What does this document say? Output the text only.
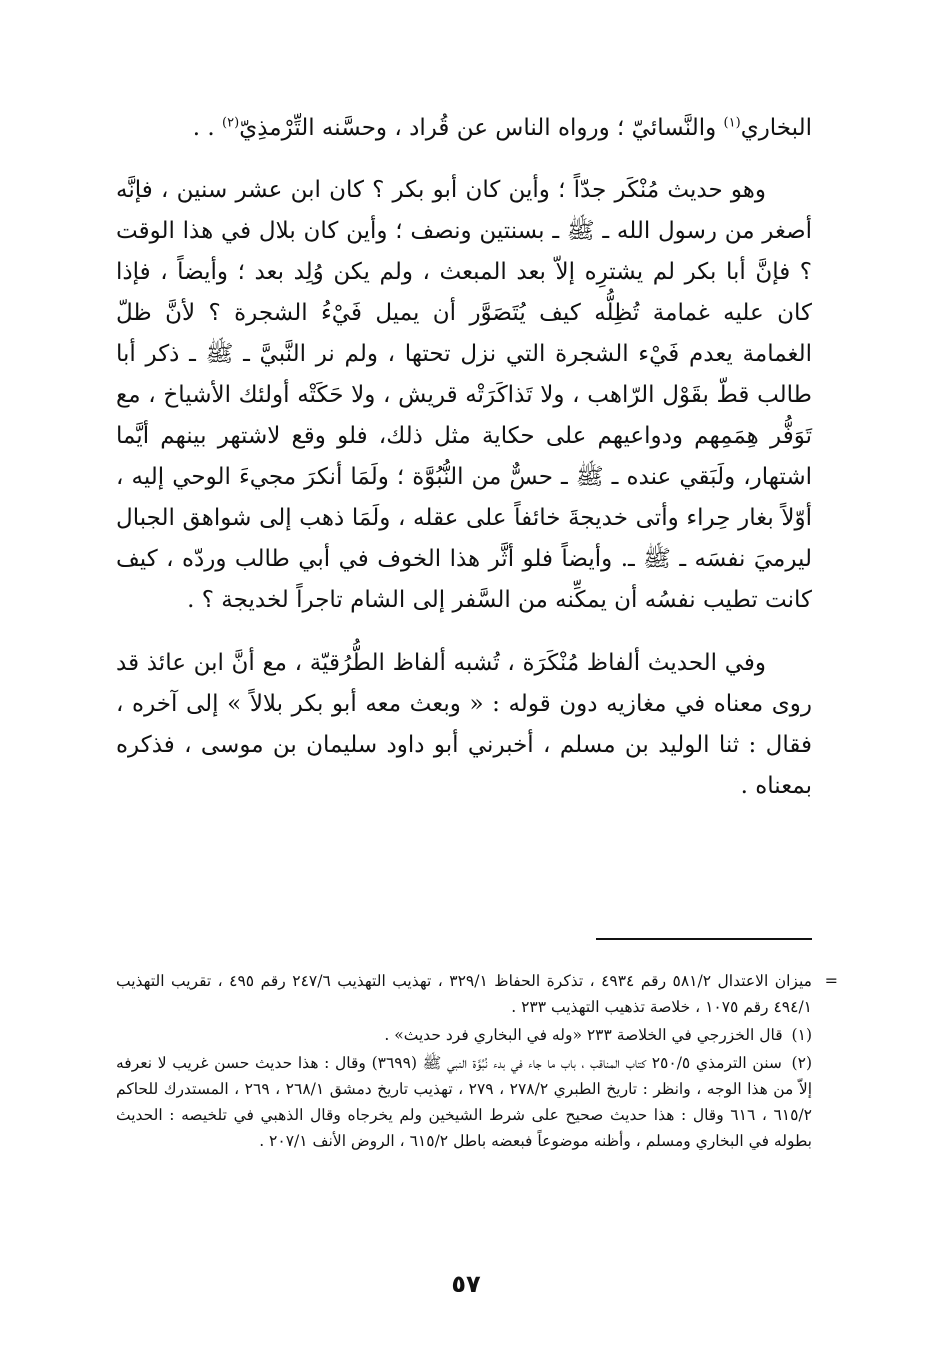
البخاري$^{(١)}$ والنَّسائيّ ؛ ورواه الناس عن قُراد ، وحسَّنه التِّرْمذِيّ$^{(٢)}$ . .

وهو حديث مُنْكَر جدّاً ؛ وأين كان أبو بكر ؟ كان ابن عشر سنين ، فإنَّه أصغر من رسول الله ـ ﷺ ـ بسنتين ونصف ؛ وأين كان بلال في هذا الوقت ؟ فإنَّ أبا بكر لم يشترِه إلاّ بعد المبعث ، ولم يكن وُلِد بعد ؛ وأيضاً ، فإذا كان عليه غمامة تُظِلُّه كيف يُتَصَوَّر أن يميل فَيْءُ الشجرة ؟ لأنَّ ظلّ الغمامة يعدم فَيْء الشجرة التي نزل تحتها ، ولم نر النَّبيَّ ـ ﷺ ـ ذكر أبا طالب قطّ بقَوْل الرّاهب ، ولا تَذاكَرَتْه قريش ، ولا حَكَتْه أولئك الأشياخ ، مع تَوَفُّر هِمَمِهم ودواعيهم على حكاية مثل ذلك، فلو وقع لاشتهر بينهم أيَّما اشتهار، ولَبَقي عنده ـ ﷺ ـ حسٌّ من النُّبُوَّة ؛ ولَمَا أنكرَ مجيءَ الوحي إليه ، أوّلاً بغار حِراء وأتى خديجةَ خائفاً على عقله ، ولَمَا ذهب إلى شواهق الجبال ليرميَ نفسَه ـ ﷺ ـ. وأيضاً فلو أثَّر هذا الخوف في أبي طالب وردّه ، كيف كانت تطيب نفسُه أن يمكِّنه من السَّفر إلى الشام تاجراً لخديجة ؟ .

وفي الحديث ألفاظ مُنْكَرَة ، تُشبه ألفاظ الطُّرُقيّة ، مع أنَّ ابن عائذ قد روى معناه في مغازيه دون قوله : « وبعث معه أبو بكر بلالاً » إلى آخره ، فقال : ثنا الوليد بن مسلم ، أخبرني أبو داود سليمان بن موسى ، فذكره بمعناه .

=
ميزان الاعتدال ٥٨١/٢ رقم ٤٩٣٤ ، تذكرة الحفاظ ٣٢٩/١ ، تهذيب التهذيب ٢٤٧/٦ رقم ٤٩٥ ، تقريب التهذيب ٤٩٤/١ رقم ١٠٧٥ ، خلاصة تذهيب التهذيب ٢٣٣ .

(١) قال الخزرجي في الخلاصة ٢٣٣ «وله في البخاري فرد حديث» .

(٢) سنن الترمذي ٢٥٠/٥ كتاب المناقب ، باب ما جاء في بدء نُبُوَّة النبي ﷺ (٣٦٩٩) وقال : هذا حديث حسن غريب لا نعرفه إلاّ من هذا الوجه ، وانظر : تاريخ الطبري ٢٧٨/٢ ، ٢٧٩ ، تهذيب تاريخ دمشق ٢٦٨/١ ، ٢٦٩ ، المستدرك للحاكم ٦١٥/٢ ، ٦١٦ وقال : هذا حديث صحيح على شرط الشيخين ولم يخرجاه وقال الذهبي في تلخيصه : الحديث بطوله في البخاري ومسلم ، وأظنه موضوعاً فبعضه باطل ٦١٥/٢ ، الروض الأنف ٢٠٧/١ .

٥٧
